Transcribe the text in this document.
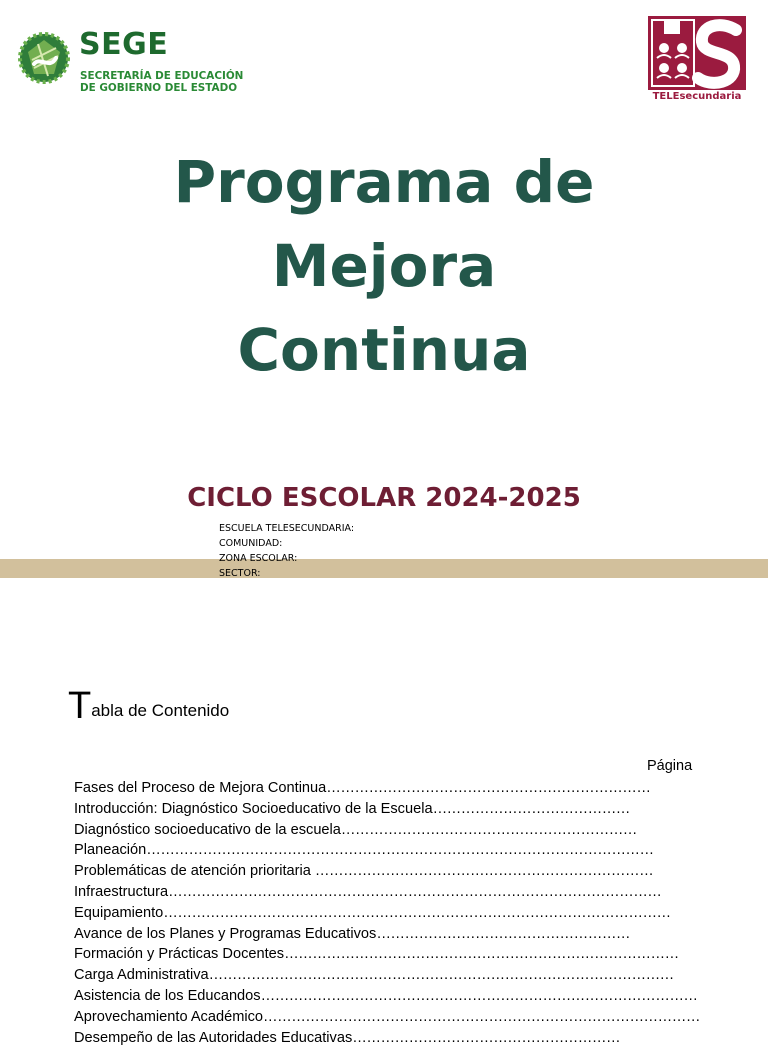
SEGE
SECRETARÍA DE EDUCACIÓN
DE GOBIERNO DEL ESTADO
TELEsecundaria
Programa de
Mejora
Continua
CICLO ESCOLAR 2024-2025
ESCUELA TELESECUNDARIA:
COMUNIDAD:
ZONA ESCOLAR:
SECTOR:
Tabla de Contenido
Página
Fases del Proceso de Mejora Continua……………………………………………………………
Introducción: Diagnóstico Socioeducativo de la Escuela……………………………………
Diagnóstico socioeducativo de la escuela………………………………………………………
Planeación………………………………………………………………………………………………
Problemáticas de atención prioritaria ………………………………………………………………
Infraestructura……………………………………………………………………………………………
Equipamiento………………………………………………………………………………………………
Avance de los Planes y Programas Educativos………………………………………………
Formación y Prácticas Docentes…………………………………………………………………………
Carga Administrativa………………………………………………………………………………………
Asistencia de los Educandos…………………………………………………………………………………
Aprovechamiento Académico…………………………………………………………………………………
Desempeño de las Autoridades Educativas…………………………………………………
